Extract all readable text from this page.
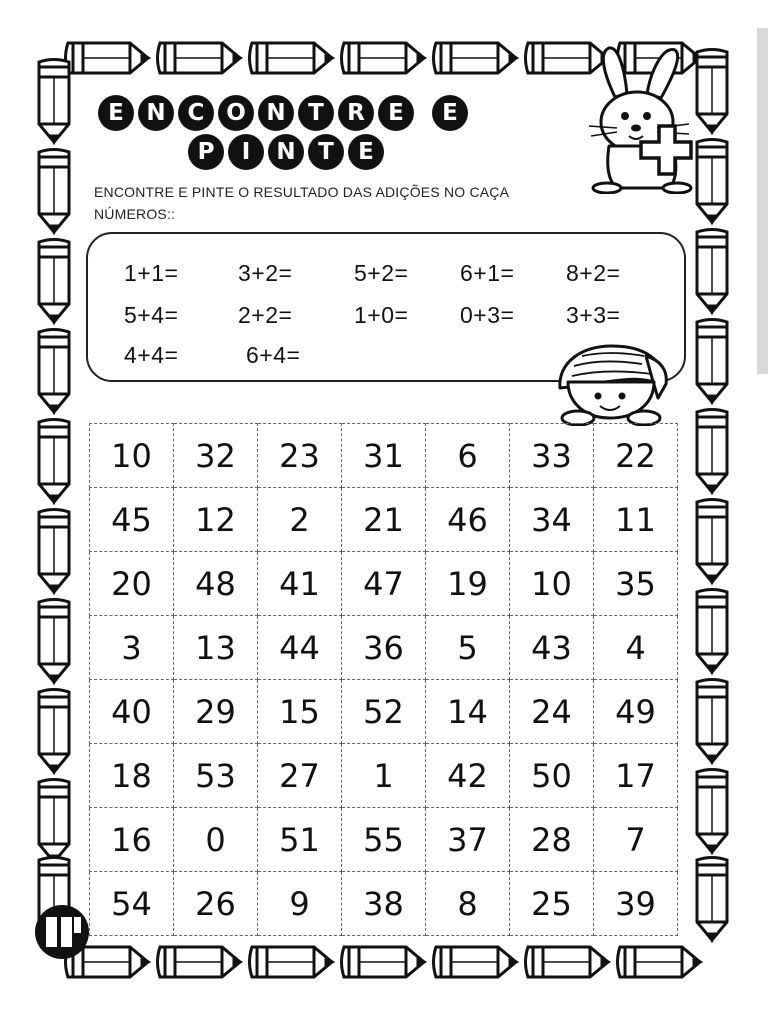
E N C O N T	R	E	E
P	I	N T	E
ENCONTRE E PINTE O RESULTADO DAS ADIÇÕES NO CAÇA
NÚMEROS::
1+1=	3+2=	5+2= 6+1= 8+2=
5+4=	2+2=	1+0= 0+3= 3+3=
4+4=	6+4=
10	32	23	31	6	33	22
45	12	2	21	46	34	11
20	48	41	47	19	10	35
3	13	44	36	5	43	4
40	29	15	52	14	24	49
18	53	27	1	42	50	17
16	0	51	55	37	28	7
54	26	9	38	8	25	39
